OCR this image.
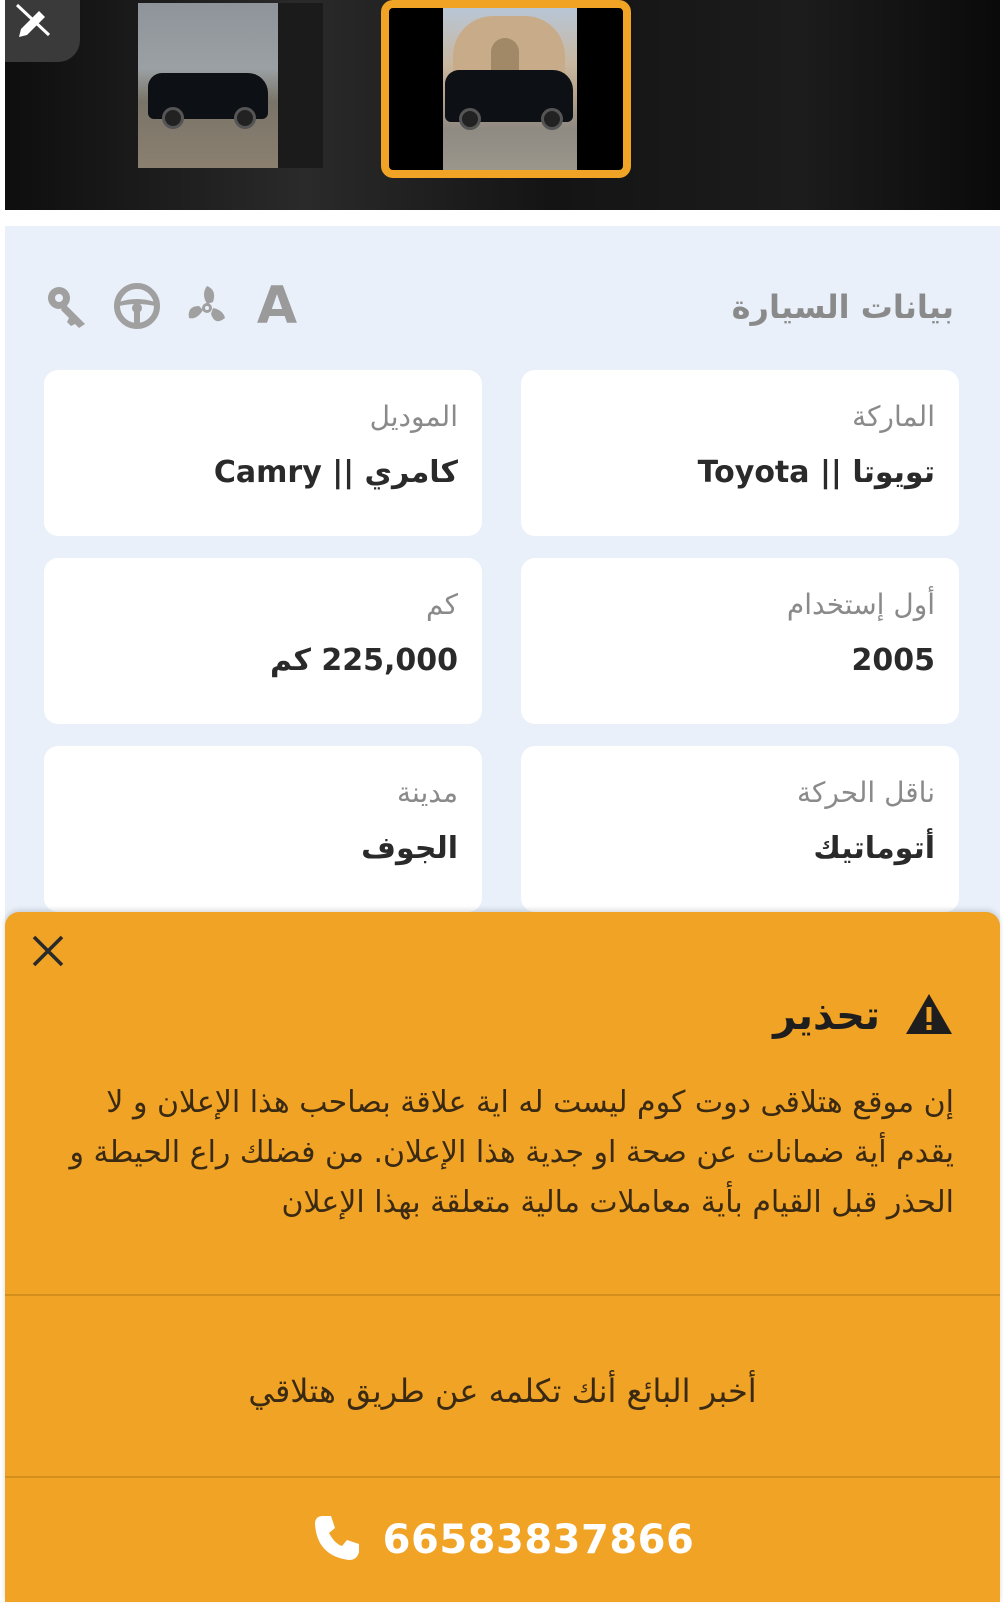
بيانات السيارة
A
الماركة
تويوتا || Toyota
الموديل
كامري || Camry
أول إستخدام
2005
كم
225,000 كم
ناقل الحركة
أتوماتيك
مدينة
الجوف
تحذير
إن موقع هتلاقى دوت كوم ليست له اية علاقة بصاحب هذا الإعلان و لا يقدم أية ضمانات عن صحة او جدية هذا الإعلان. من فضلك راع الحيطة و الحذر قبل القيام بأية معاملات مالية متعلقة بهذا الإعلان
أخبر البائع أنك تكلمه عن طريق هتلاقي
66583837866
